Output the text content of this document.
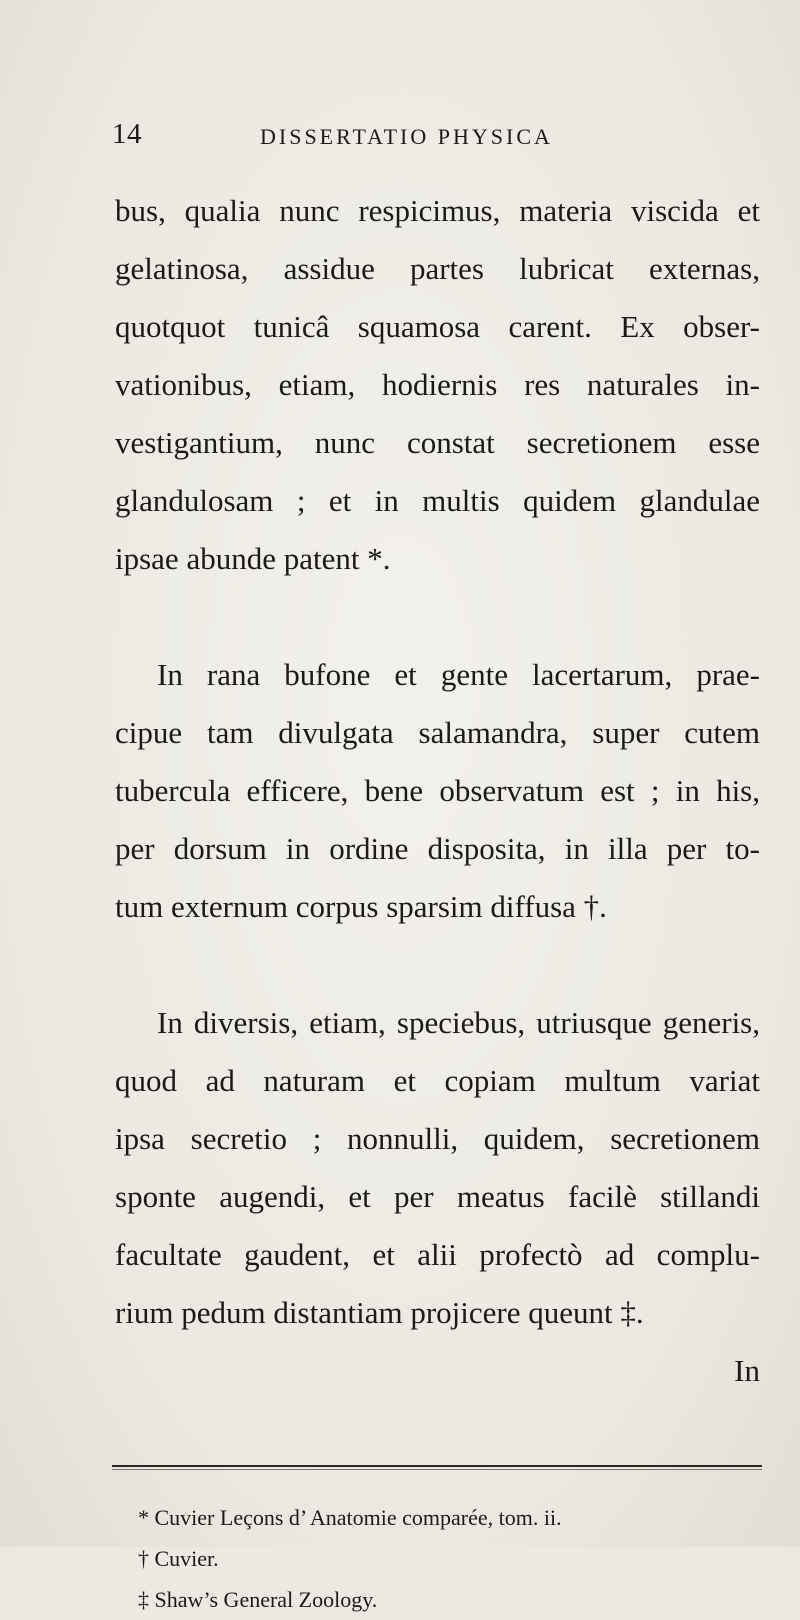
14	DISSERTATIO PHYSICA
bus, qualia nunc respicimus, materia viscida et
gelatinosa, assidue partes lubricat externas,
quotquot tunicâ squamosa carent. Ex obser-
vationibus, etiam, hodiernis res naturales in-
vestigantium, nunc constat secretionem esse
glandulosam ; et in multis quidem glandulae
ipsae abunde patent *.
In rana bufone et gente lacertarum, prae-
cipue tam divulgata salamandra, super cutem
tubercula efficere, bene observatum est ; in his,
per dorsum in ordine disposita, in illa per to-
tum externum corpus sparsim diffusa †.
In diversis, etiam, speciebus, utriusque generis,
quod ad naturam et copiam multum variat
ipsa secretio ; nonnulli, quidem, secretionem
sponte augendi, et per meatus facilè stillandi
facultate gaudent, et alii profectò ad complu-
rium pedum distantiam projicere queunt ‡.
In
* Cuvier Leçons d’ Anatomie comparée, tom. ii.
† Cuvier.
‡ Shaw’s General Zoology.
